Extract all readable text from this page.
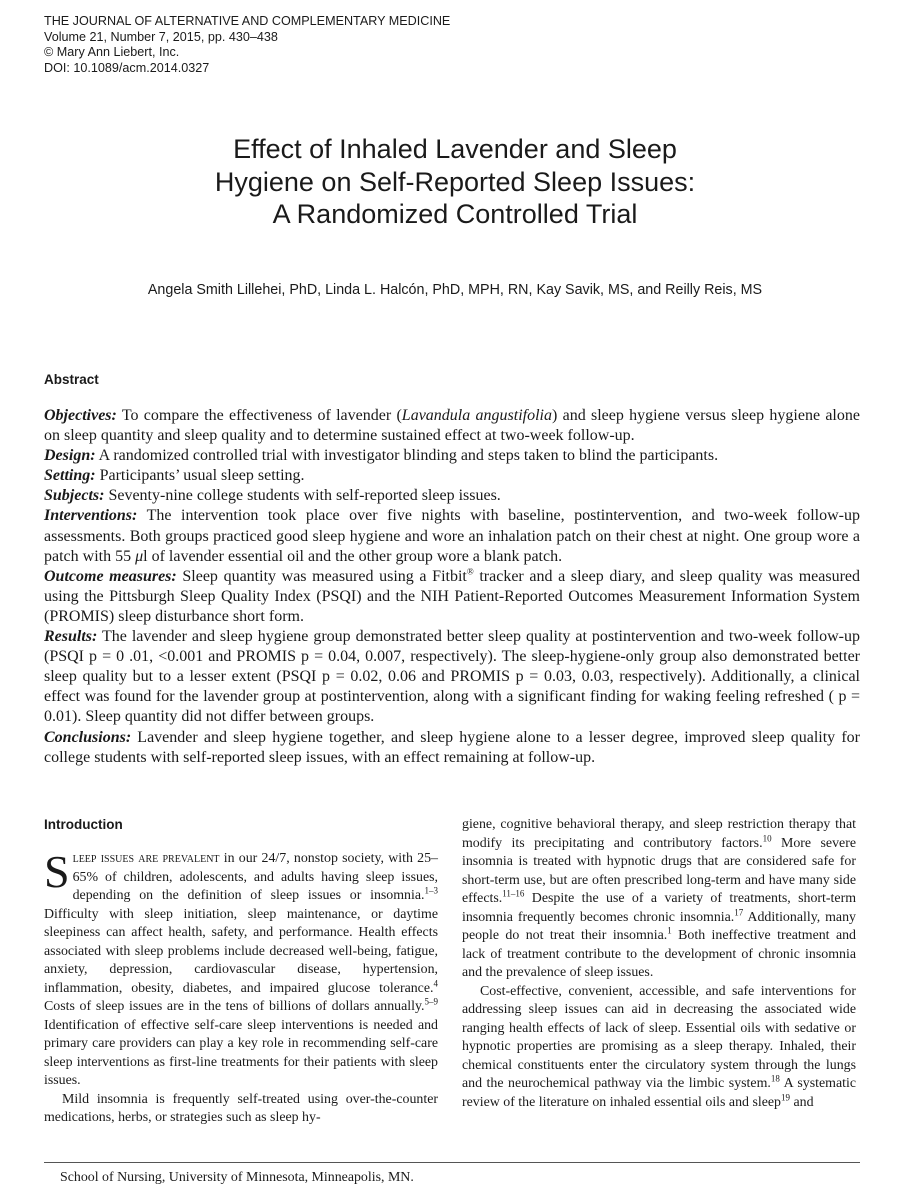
THE JOURNAL OF ALTERNATIVE AND COMPLEMENTARY MEDICINE
Volume 21, Number 7, 2015, pp. 430–438
© Mary Ann Liebert, Inc.
DOI: 10.1089/acm.2014.0327
Effect of Inhaled Lavender and Sleep
Hygiene on Self-Reported Sleep Issues:
A Randomized Controlled Trial
Angela Smith Lillehei, PhD, Linda L. Halcón, PhD, MPH, RN, Kay Savik, MS, and Reilly Reis, MS
Abstract

Objectives: To compare the effectiveness of lavender (Lavandula angustifolia) and sleep hygiene versus sleep hygiene alone on sleep quantity and sleep quality and to determine sustained effect at two-week follow-up.

Design: A randomized controlled trial with investigator blinding and steps taken to blind the participants.

Setting: Participants’ usual sleep setting.

Subjects: Seventy-nine college students with self-reported sleep issues.

Interventions: The intervention took place over five nights with baseline, postintervention, and two-week follow-up assessments. Both groups practiced good sleep hygiene and wore an inhalation patch on their chest at night. One group wore a patch with 55 μl of lavender essential oil and the other group wore a blank patch.

Outcome measures: Sleep quantity was measured using a Fitbit® tracker and a sleep diary, and sleep quality was measured using the Pittsburgh Sleep Quality Index (PSQI) and the NIH Patient-Reported Outcomes Measurement Information System (PROMIS) sleep disturbance short form.

Results: The lavender and sleep hygiene group demonstrated better sleep quality at postintervention and two-week follow-up (PSQI p = 0 .01, <0.001 and PROMIS p = 0.04, 0.007, respectively). The sleep-hygiene-only group also demonstrated better sleep quality but to a lesser extent (PSQI p = 0.02, 0.06 and PROMIS p = 0.03, 0.03, respectively). Additionally, a clinical effect was found for the lavender group at postintervention, along with a significant finding for waking feeling refreshed ( p = 0.01). Sleep quantity did not differ between groups.

Conclusions: Lavender and sleep hygiene together, and sleep hygiene alone to a lesser degree, improved sleep quality for college students with self-reported sleep issues, with an effect remaining at follow-up.

Introduction

Sleep issues are prevalent in our 24/7, nonstop society, with 25–65% of children, adolescents, and adults having sleep issues, depending on the definition of sleep issues or insomnia.$^{1-3}$ Difficulty with sleep initiation, sleep maintenance, or daytime sleepiness can affect health, safety, and performance. Health effects associated with sleep problems include decreased well-being, fatigue, anxiety, depression, cardiovascular disease, hypertension, inflammation, obesity, diabetes, and impaired glucose tolerance.$^4$ Costs of sleep issues are in the tens of billions of dollars annually.$^{5-9}$ Identification of effective self-care sleep interventions is needed and primary care providers can play a key role in recommending self-care sleep interventions as first-line treatments for their patients with sleep issues.

Mild insomnia is frequently self-treated using over-the-counter medications, herbs, or strategies such as sleep hy-

giene, cognitive behavioral therapy, and sleep restriction therapy that modify its precipitating and contributory factors.$^{10}$ More severe insomnia is treated with hypnotic drugs that are considered safe for short-term use, but are often prescribed long-term and have many side effects.$^{11-16}$ Despite the use of a variety of treatments, short-term insomnia frequently becomes chronic insomnia.$^{17}$ Additionally, many people do not treat their insomnia.$^1$ Both ineffective treatment and lack of treatment contribute to the development of chronic insomnia and the prevalence of sleep issues.

Cost-effective, convenient, accessible, and safe interventions for addressing sleep issues can aid in decreasing the associated wide ranging health effects of lack of sleep. Essential oils with sedative or hypnotic properties are promising as a sleep therapy. Inhaled, their chemical constituents enter the circulatory system through the lungs and the neurochemical pathway via the limbic system.$^{18}$ A systematic review of the literature on inhaled essential oils and sleep$^{19}$ and

School of Nursing, University of Minnesota, Minneapolis, MN.
